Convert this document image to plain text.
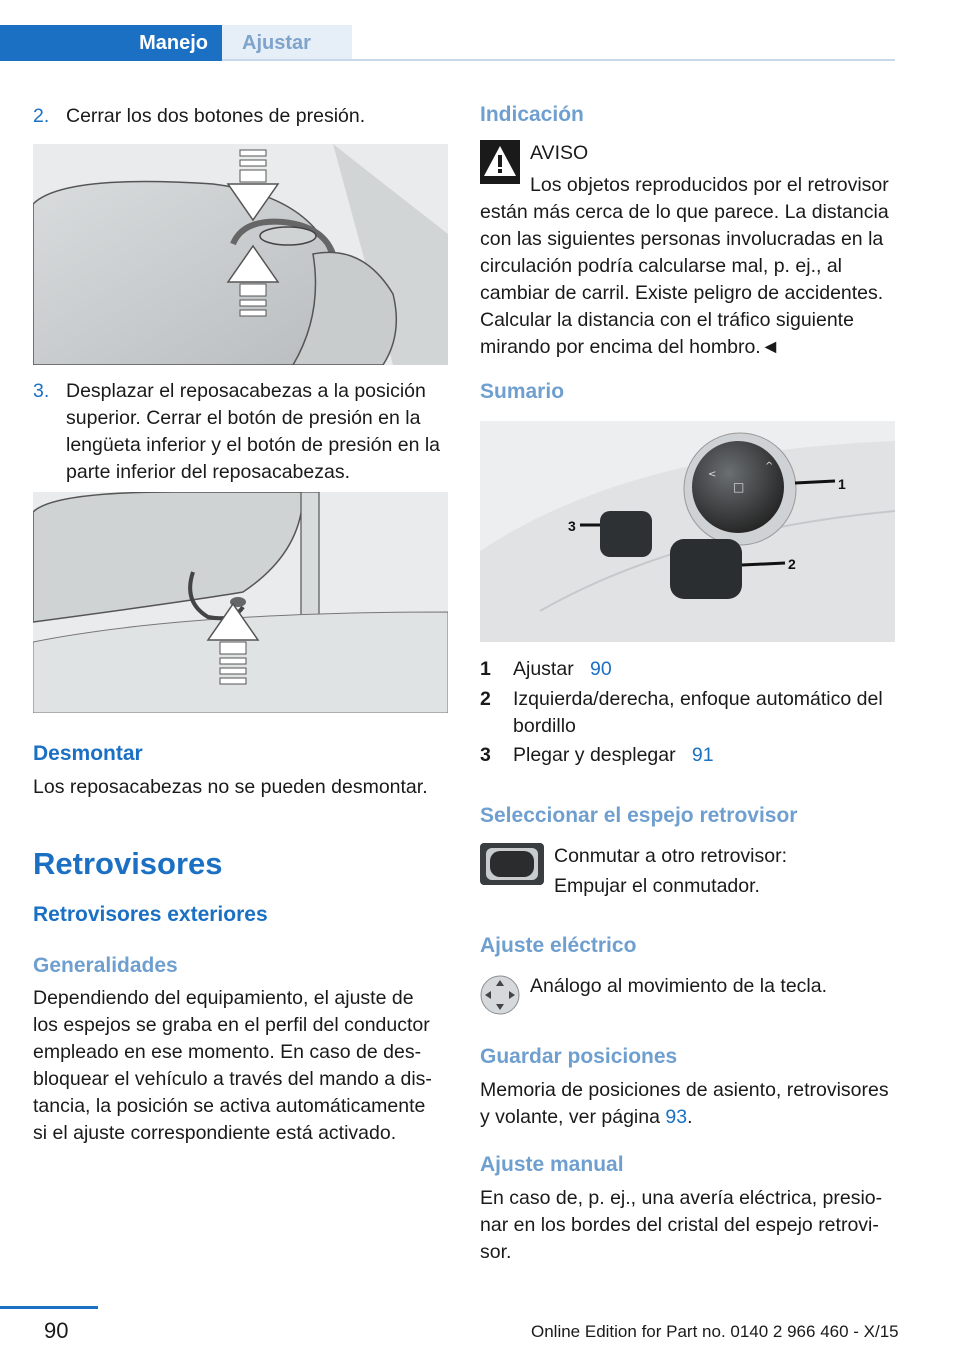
Manejo	Ajustar
2. Cerrar los dos botones de presión.
3. Desplazar el reposacabezas a la posición superior. Cerrar el botón de presión en la lengüeta inferior y el botón de presión en la parte inferior del reposacabezas.
Desmontar
Los reposacabezas no se pueden desmontar.
Retrovisores
Retrovisores exteriores
Generalidades
Dependiendo del equipamiento, el ajuste de los espejos se graba en el perfil del conductor empleado en ese momento. En caso de desbloquear el vehículo a través del mando a distancia, la posición se activa automáticamente si el ajuste correspondiente está activado.
Indicación
AVISO
Los objetos reproducidos por el retrovisor están más cerca de lo que parece. La distancia con las siguientes personas involucradas en la circulación podría calcularse mal, p. ej., al cambiar de carril. Existe peligro de accidentes. Calcular la distancia con el tráfico siguiente mirando por encima del hombro.◄
Sumario
<
^
□	1
3
2
1 Ajustar 90
2 Izquierda/derecha, enfoque automático del bordillo
3 Plegar y desplegar 91
Seleccionar el espejo retrovisor
Conmutar a otro retrovisor:
Empujar el conmutador.
Ajuste eléctrico
Análogo al movimiento de la tecla.
Guardar posiciones
Memoria de posiciones de asiento, retrovisores y volante, ver página 93.
Ajuste manual
En caso de, p. ej., una avería eléctrica, presionar en los bordes del cristal del espejo retrovisor.
90	Online Edition for Part no. 0140 2 966 460 - X/15
